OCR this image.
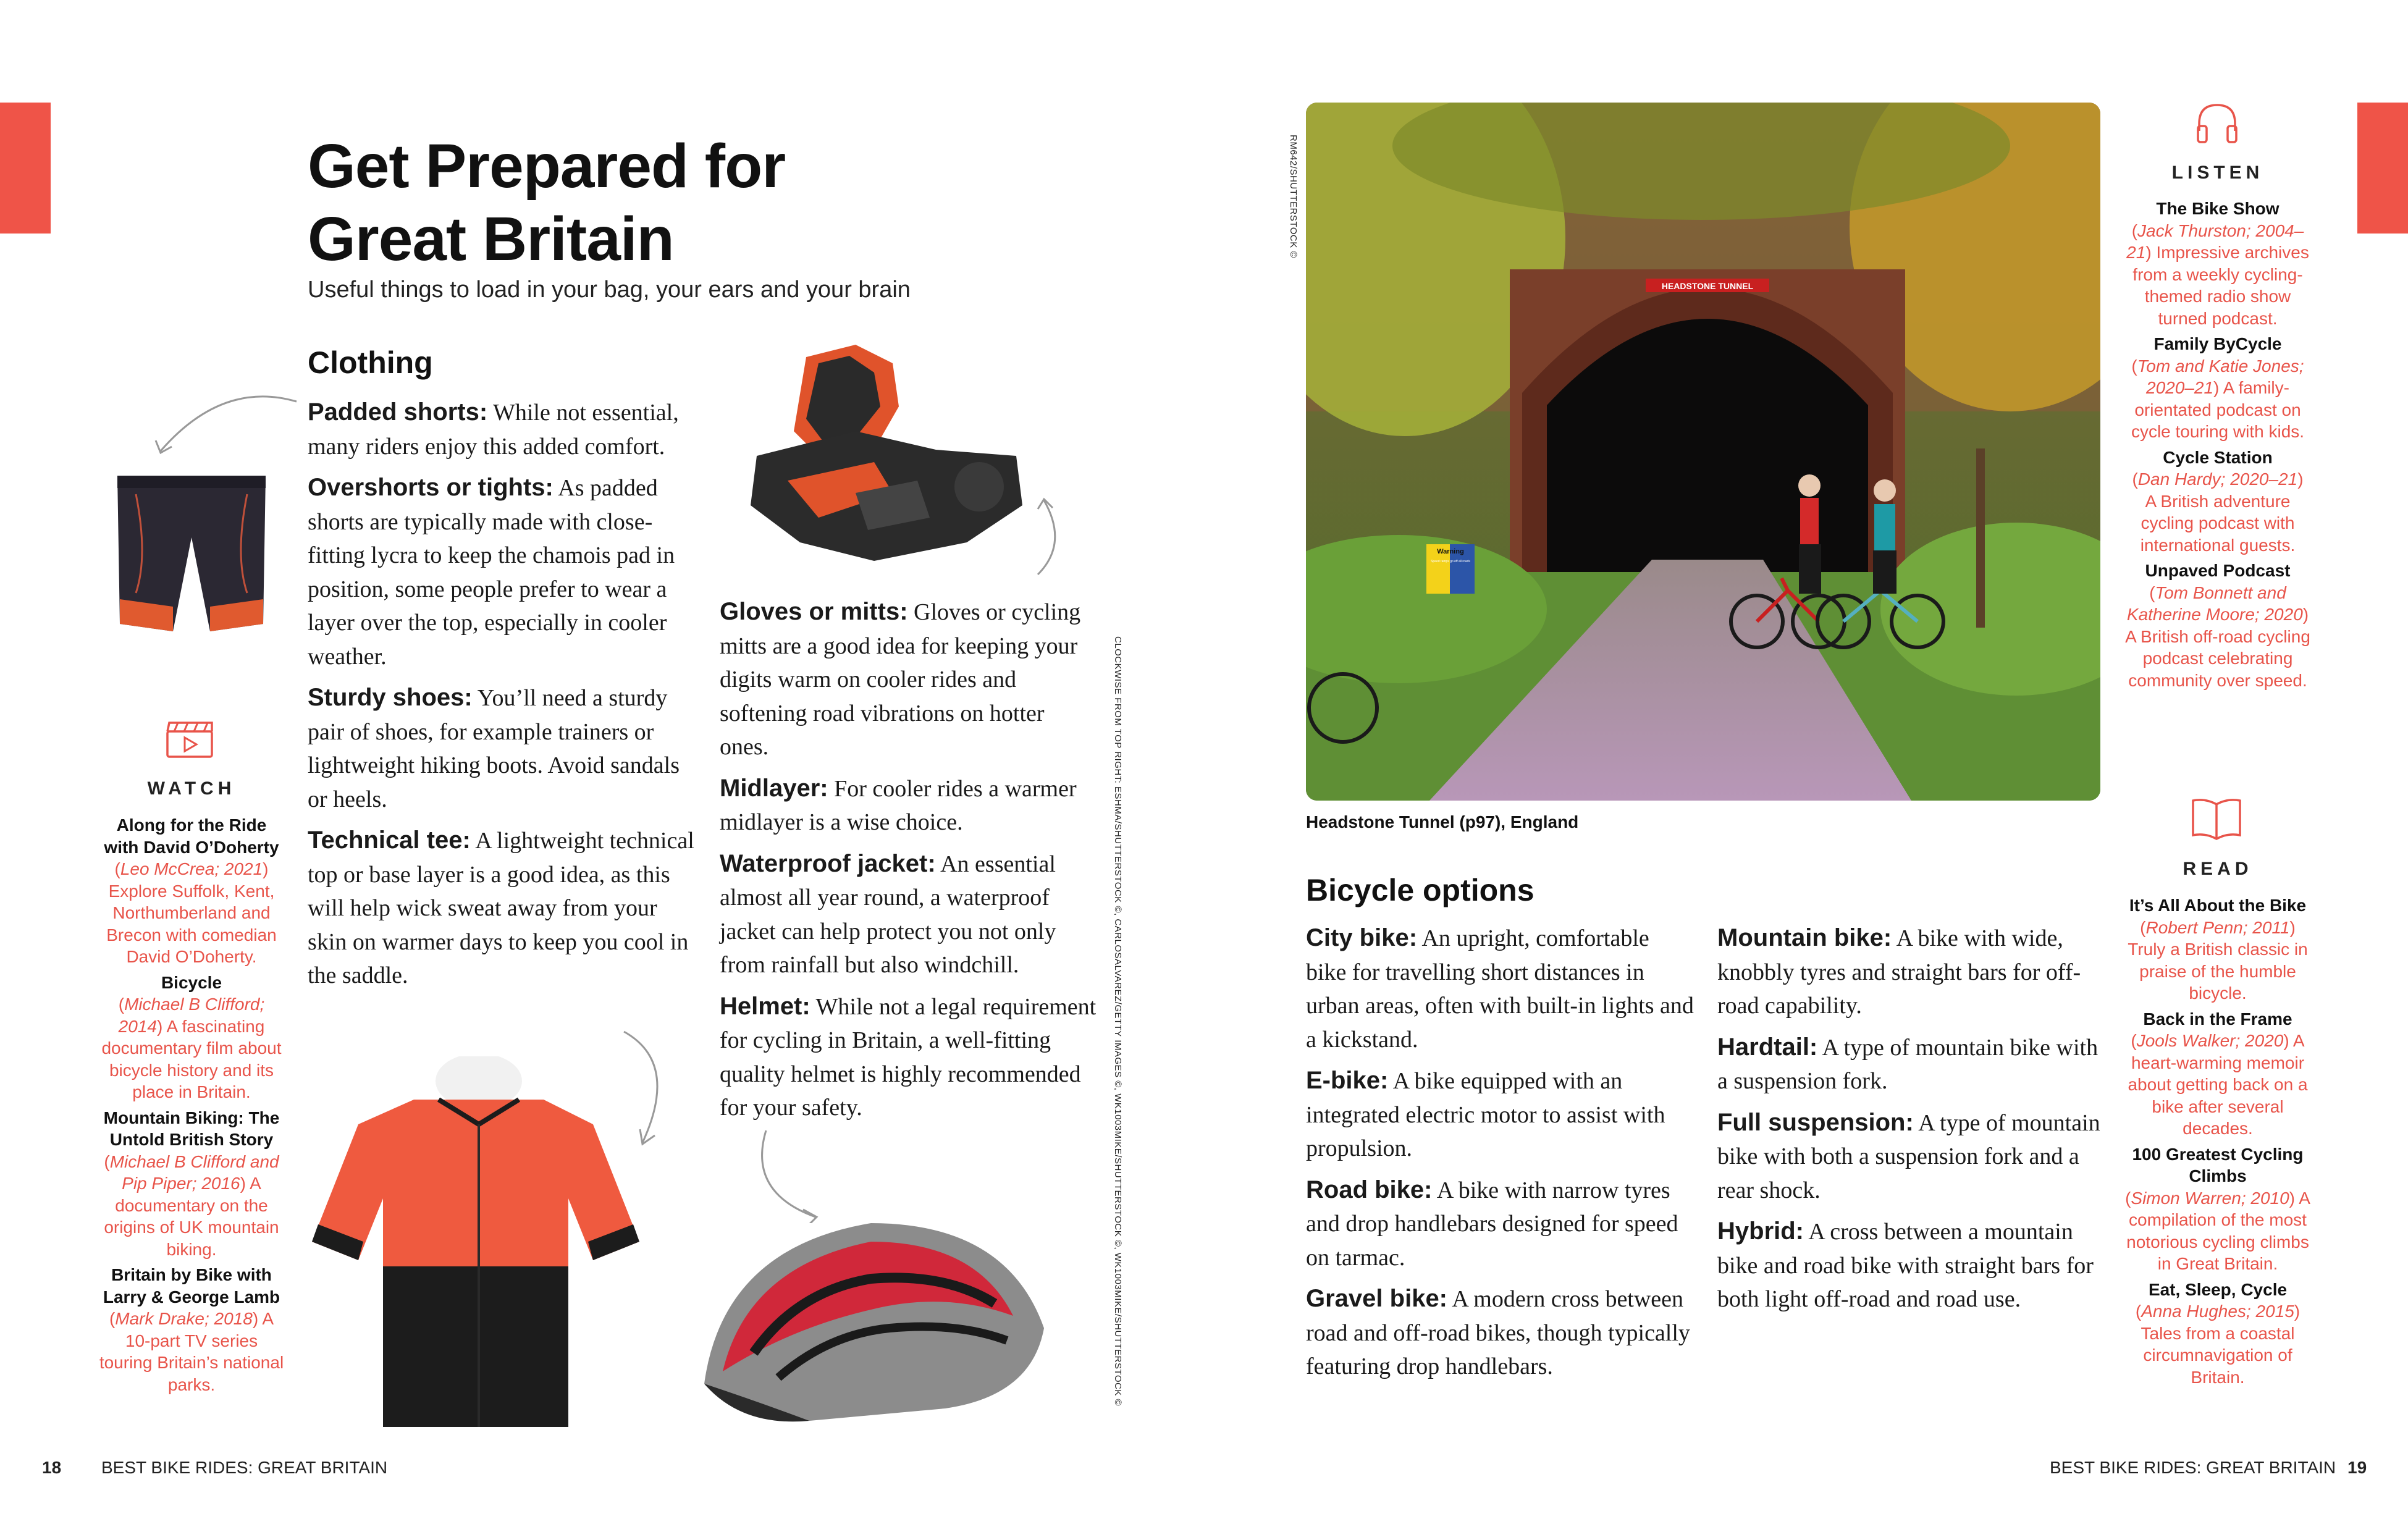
Get Prepared for
Great Britain
Useful things to load in your bag, your ears and your brain
Clothing

Padded shorts: While not essential, many riders enjoy this added comfort.

Overshorts or tights: As padded shorts are typically made with close-fitting lycra to keep the chamois pad in position, some people prefer to wear a layer over the top, especially in cooler weather.

Sturdy shoes: You’ll need a sturdy pair of shoes, for example trainers or lightweight hiking boots. Avoid sandals or heels.

Technical tee: A lightweight technical top or base layer is a good idea, as this will help wick sweat away from your skin on warmer days to keep you cool in the saddle.

Gloves or mitts: Gloves or cycling mitts are a good idea for keeping your digits warm on cooler rides and softening road vibrations on hotter ones.

Midlayer: For cooler rides a warmer midlayer is a wise choice.

Waterproof jacket: An essential almost all year round, a waterproof jacket can help protect you not only from rainfall but also windchill.

Helmet: While not a legal requirement for cycling in Britain, a well-fitting quality helmet is highly recommended for your safety.

WATCH
Along for the Ride with David O’Doherty
(Leo McCrea; 2021) Explore Suffolk, Kent, Northumberland and Brecon with comedian David O’Doherty.
Bicycle
(Michael B Clifford; 2014) A fascinating documentary film about bicycle history and its place in Britain.
Mountain Biking: The Untold British Story
(Michael B Clifford and Pip Piper; 2016) A documentary on the origins of UK mountain biking.
Britain by Bike with Larry & George Lamb
(Mark Drake; 2018) A 10-part TV series touring Britain’s national parks.	CLOCKWISE FROM TOP RIGHT: ESHMA/SHUTTERSTOCK ©, CARLOSALVAREZ/GETTY IMAGES ©, WK1003MIKE/SHUTTERSTOCK ©, WK1003MIKE/SHUTTERSTOCK ©
18 BEST BIKE RIDES: GREAT BRITAIN
RM642/SHUTTERSTOCK ©
HEADSTONE TUNNEL
Warning
Speed ramps go off all roads
Headstone Tunnel (p97), England
Bicycle options

City bike: An upright, comfortable bike for travelling short distances in urban areas, often with built-in lights and a kickstand.

E-bike: A bike equipped with an integrated electric motor to assist with propulsion.

Road bike: A bike with narrow tyres and drop handlebars designed for speed on tarmac.

Gravel bike: A modern cross between road and off-road bikes, though typically featuring drop handlebars.

Mountain bike: A bike with wide, knobbly tyres and straight bars for off-road capability.

Hardtail: A type of mountain bike with a suspension fork.

Full suspension: A type of mountain bike with both a suspension fork and a rear shock.

Hybrid: A cross between a mountain bike and road bike with straight bars for both light off-road and road use.

LISTEN
The Bike Show
(Jack Thurston; 2004–21) Impressive archives from a weekly cycling-themed radio show turned podcast.
Family ByCycle
(Tom and Katie Jones; 2020–21) A family-orientated podcast on cycle touring with kids.
Cycle Station
(Dan Hardy; 2020–21) A British adventure cycling podcast with international guests.
Unpaved Podcast
(Tom Bonnett and Katherine Moore; 2020) A British off-road cycling podcast celebrating community over speed.
READ
It’s All About the Bike
(Robert Penn; 2011) Truly a British classic in praise of the humble bicycle.
Back in the Frame
(Jools Walker; 2020) A heart-warming memoir about getting back on a bike after several decades.
100 Greatest Cycling Climbs
(Simon Warren; 2010) A compilation of the most notorious cycling climbs in Great Britain.
Eat, Sleep, Cycle
(Anna Hughes; 2015) Tales from a coastal circumnavigation of Britain.
BEST BIKE RIDES: GREAT BRITAIN 19
